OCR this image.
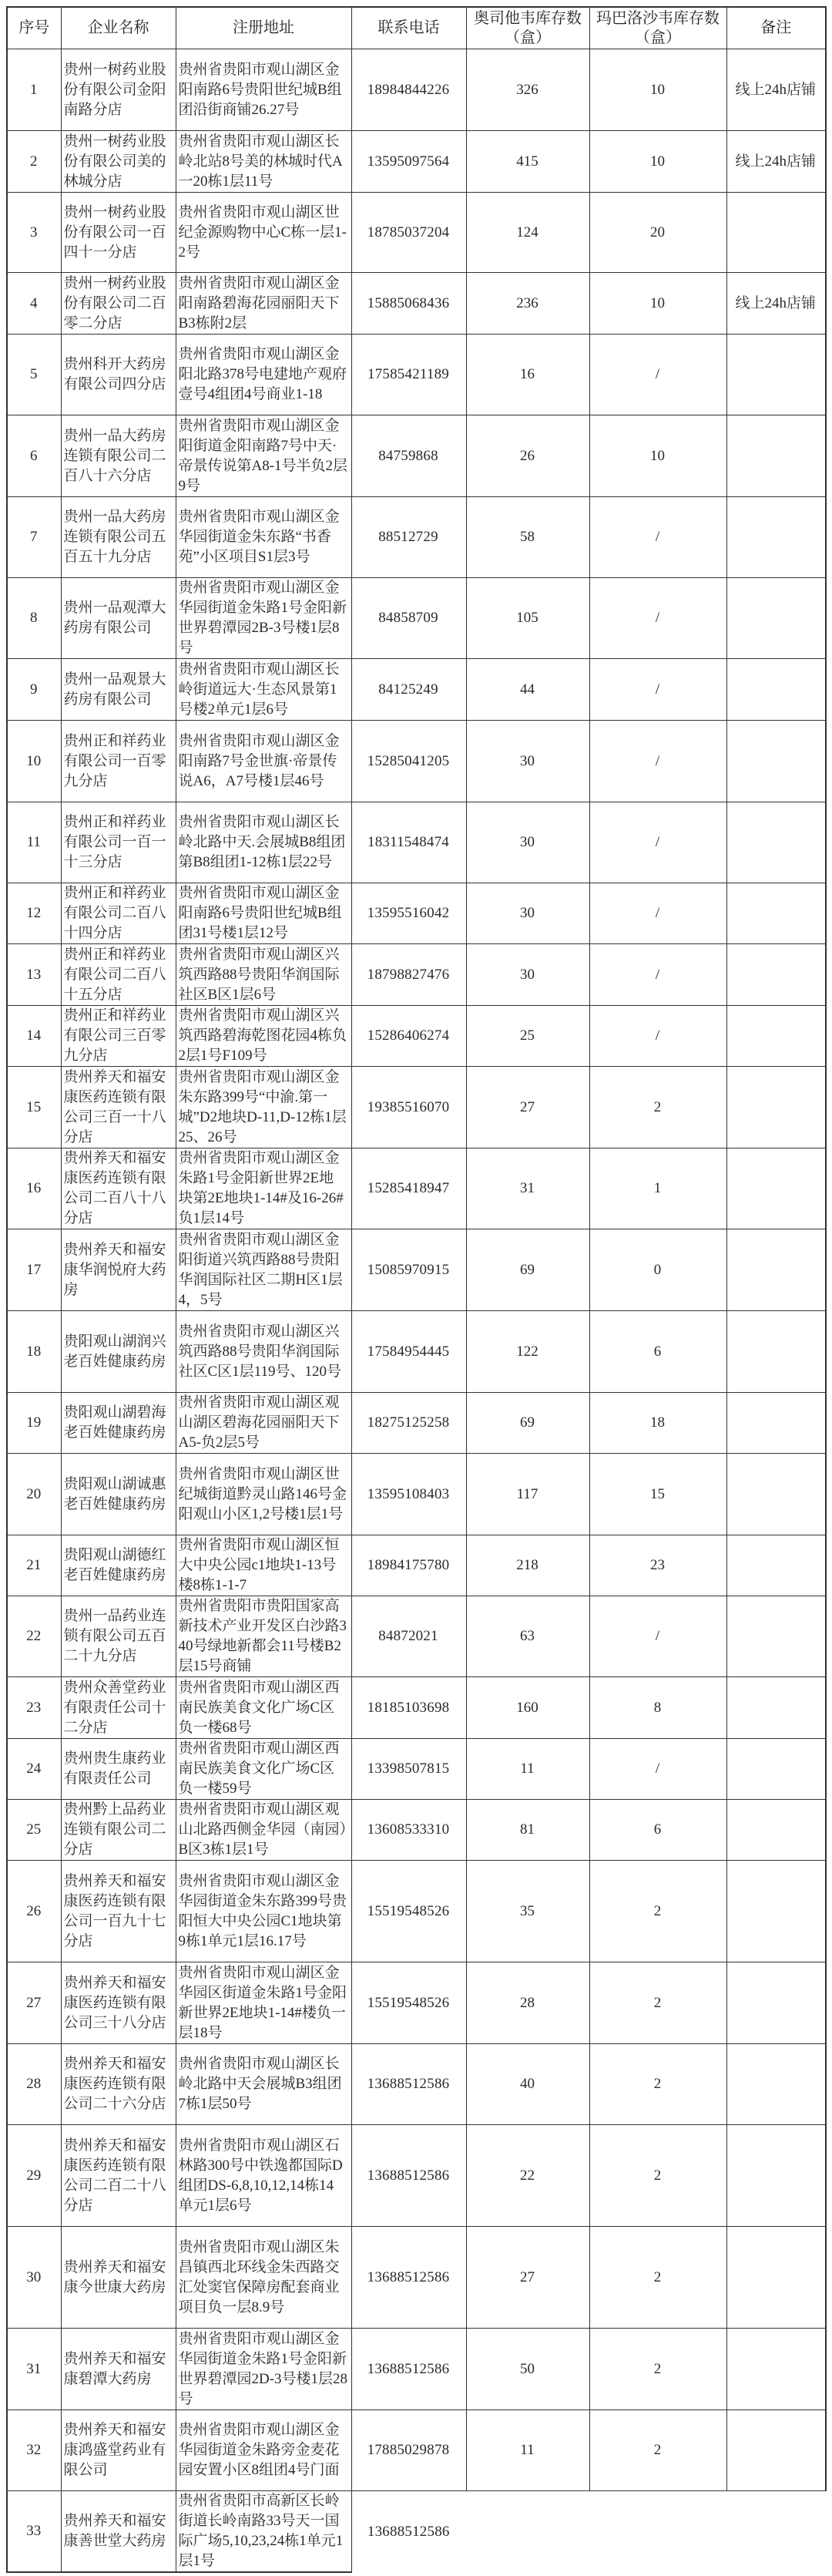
序号	企业名称	注册地址	联系电话	奥司他韦库存数（盒）	玛巴洛沙韦库存数（盒）	备注
1	贵州一树药业股份有限公司金阳南路分店	贵州省贵阳市观山湖区金阳南路6号贵阳世纪城B组团沿街商铺26.27号	18984844226	326	10	线上24h店铺
2	贵州一树药业股份有限公司美的林城分店	贵州省贵阳市观山湖区长岭北站8号美的林城时代A一20栋1层11号	13595097564	415	10	线上24h店铺
3	贵州一树药业股份有限公司一百四十一分店	贵州省贵阳市观山湖区世纪金源购物中心C栋一层1-2号	18785037204	124	20	
4	贵州一树药业股份有限公司二百零二分店	贵州省贵阳市观山湖区金阳南路碧海花园丽阳天下B3栋附2层	15885068436	236	10	线上24h店铺
5	贵州科开大药房有限公司四分店	贵州省贵阳市观山湖区金阳北路378号电建地产观府壹号4组团4号商业1-18	17585421189	16	/	
6	贵州一品大药房连锁有限公司二百八十六分店	贵州省贵阳市观山湖区金阳街道金阳南路7号中天·帝景传说第A8-1号半负2层9号	84759868	26	10	
7	贵州一品大药房连锁有限公司五百五十九分店	贵州省贵阳市观山湖区金华园街道金朱东路“书香苑”小区项目S1层3号	88512729	58	/	
8	贵州一品观潭大药房有限公司	贵州省贵阳市观山湖区金华园街道金朱路1号金阳新世界碧潭园2B-3号楼1层8号	84858709	105	/	
9	贵州一品观景大药房有限公司	贵州省贵阳市观山湖区长岭街道远大·生态风景第1号楼2单元1层6号	84125249	44	/	
10	贵州正和祥药业有限公司一百零九分店	贵州省贵阳市观山湖区金阳南路7号金世旗·帝景传说A6，A7号楼1层46号	15285041205	30	/	
11	贵州正和祥药业有限公司一百一十三分店	贵州省贵阳市观山湖区长岭北路中天.会展城B8组团第B8组团1-12栋1层22号	18311548474	30	/	
12	贵州正和祥药业有限公司二百八十四分店	贵州省贵阳市观山湖区金阳南路6号贵阳世纪城B组团31号楼1层12号	13595516042	30	/	
13	贵州正和祥药业有限公司二百八十五分店	贵州省贵阳市观山湖区兴筑西路88号贵阳华润国际社区B区1层6号	18798827476	30	/	
14	贵州正和祥药业有限公司三百零九分店	贵州省贵阳市观山湖区兴筑西路碧海乾图花园4栋负2层1号F109号	15286406274	25	/	
15	贵州养天和福安康医药连锁有限公司三百一十八分店	贵州省贵阳市观山湖区金朱东路399号“中渝.第一城”D2地块D-11,D-12栋1层25、26号	19385516070	27	2	
16	贵州养天和福安康医药连锁有限公司二百八十八分店	贵州省贵阳市观山湖区金朱路1号金阳新世界2E地块第2E地块1-14#及16-26#负1层14号	15285418947	31	1	
17	贵州养天和福安康华润悦府大药房	贵州省贵阳市观山湖区金阳街道兴筑西路88号贵阳华润国际社区二期H区1层4，5号	15085970915	69	0	
18	贵阳观山湖润兴老百姓健康药房	贵州省贵阳市观山湖区兴筑西路88号贵阳华润国际社区C区1层119号、120号	17584954445	122	6	
19	贵阳观山湖碧海老百姓健康药房	贵州省贵阳市观山湖区观山湖区碧海花园丽阳天下A5-负2层5号	18275125258	69	18	
20	贵阳观山湖诚惠老百姓健康药房	贵州省贵阳市观山湖区世纪城街道黔灵山路146号金阳观山小区1,2号楼1层1号	13595108403	117	15	
21	贵阳观山湖德红老百姓健康药房	贵州省贵阳市观山湖区恒大中央公园c1地块1-13号楼8栋1-1-7	18984175780	218	23	
22	贵州一品药业连锁有限公司五百二十九分店	贵州省贵阳市贵阳国家高新技术产业开发区白沙路340号绿地新都会11号楼B2层15号商铺	84872021	63	/	
23	贵州众善堂药业有限责任公司十二分店	贵州省贵阳市观山湖区西南民族美食文化广场C区负一楼68号	18185103698	160	8	
24	贵州贵生康药业有限责任公司	贵州省贵阳市观山湖区西南民族美食文化广场C区负一楼59号	13398507815	11	/	
25	贵州黔上品药业连锁有限公司二分店	贵州省贵阳市观山湖区观山北路西侧金华园（南园）B区3栋1层1号	13608533310	81	6	
26	贵州养天和福安康医药连锁有限公司一百九十七分店	贵州省贵阳市观山湖区金华园街道金朱东路399号贵阳恒大中央公园C1地块第9栋1单元1层16.17号	15519548526	35	2	
27	贵州养天和福安康医药连锁有限公司三十八分店	贵州省贵阳市观山湖区金华园区街道金朱路1号金阳新世界2E地块1-14#楼负一层18号	15519548526	28	2	
28	贵州养天和福安康医药连锁有限公司二十六分店	贵州省贵阳市观山湖区长岭北路中天会展城B3组团7栋1层50号	13688512586	40	2	
29	贵州养天和福安康医药连锁有限公司二百二十八分店	贵州省贵阳市观山湖区石林路300号中铁逸都国际D组团DS-6,8,10,12,14栋14单元1层6号	13688512586	22	2	
30	贵州养天和福安康今世康大药房	贵州省贵阳市观山湖区朱昌镇西北环线金朱西路交汇处窦官保障房配套商业项目负一层8.9号	13688512586	27	2	
31	贵州养天和福安康碧潭大药房	贵州省贵阳市观山湖区金华园街道金朱路1号金阳新世界碧潭园2D-3号楼1层28号	13688512586	50	2	
32	贵州养天和福安康鸿盛堂药业有限公司	贵州省贵阳市观山湖区金华园街道金朱路旁金麦花园安置小区8组团4号门面	17885029878	11	2	
33	贵州养天和福安康善世堂大药房	贵州省贵阳市高新区长岭街道长岭南路33号天一国际广场5,10,23,24栋1单元1层1号	13688512586			
